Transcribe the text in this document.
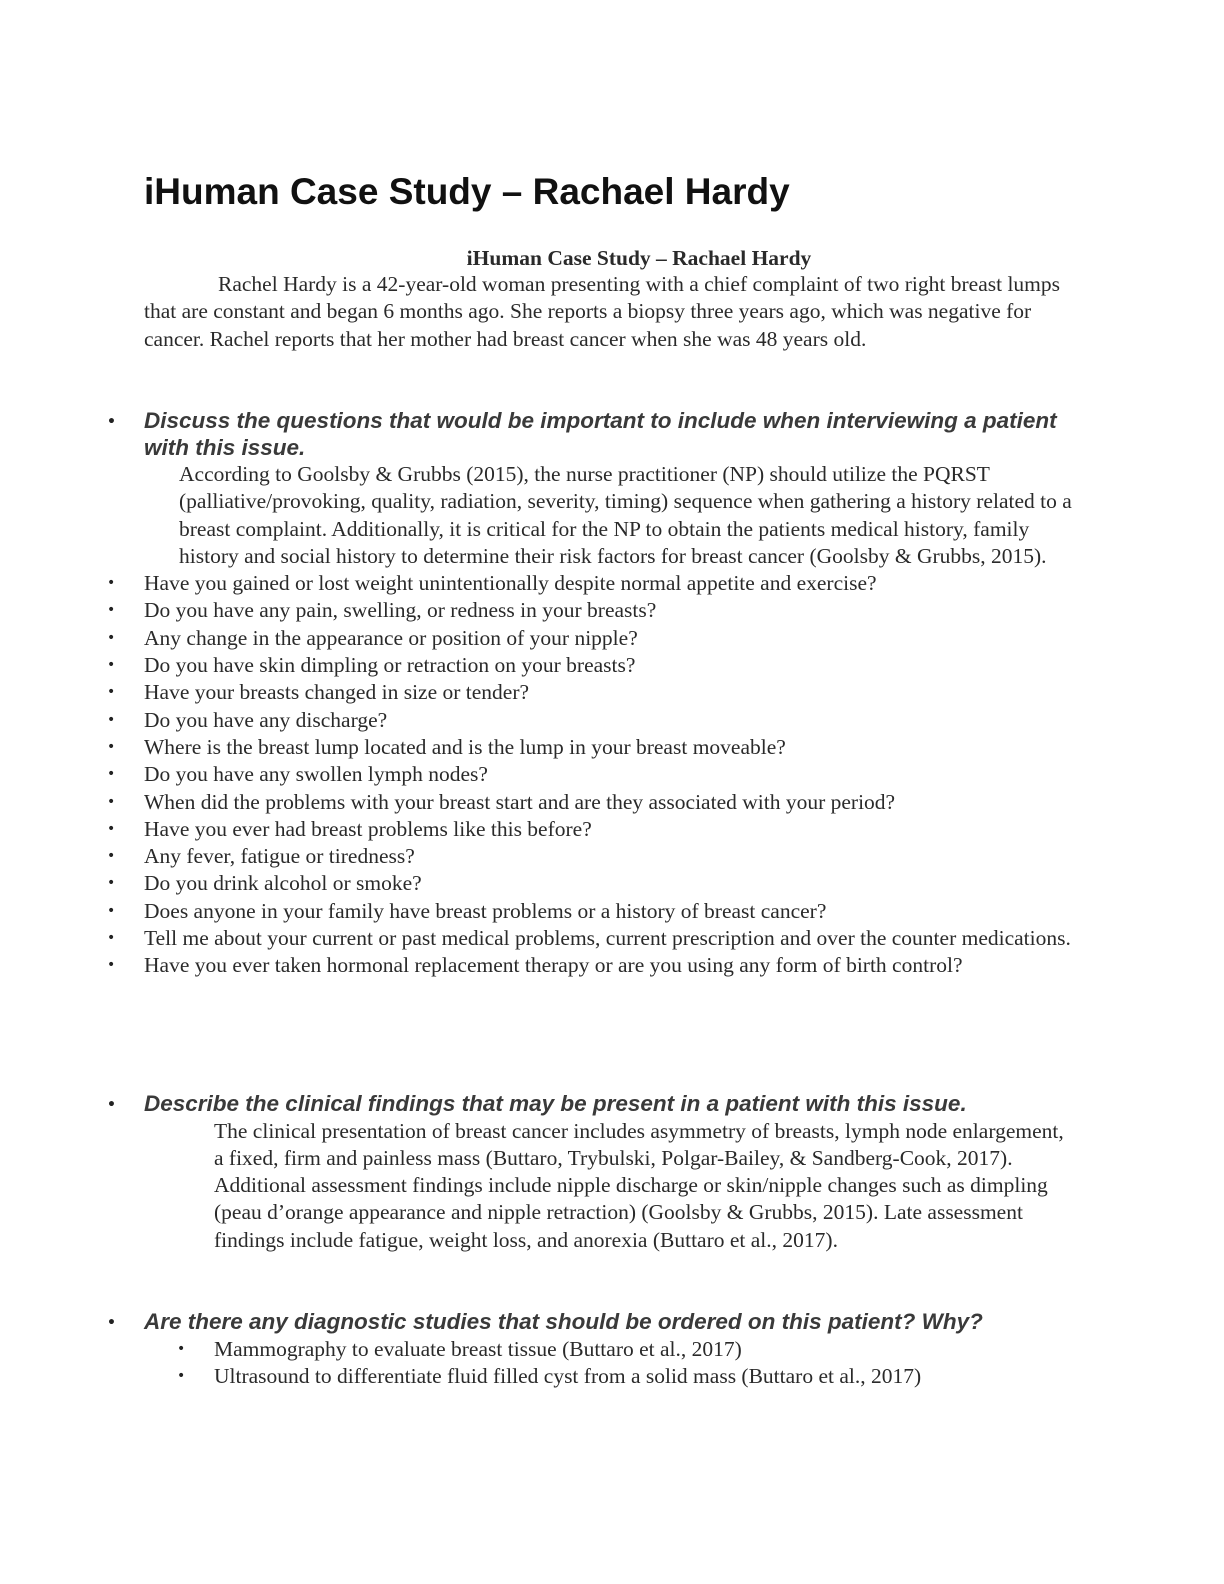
iHuman Case Study – Rachael Hardy

iHuman Case Study – Rachael Hardy

Rachel Hardy is a 42-year-old woman presenting with a chief complaint of two right breast lumps that are constant and began 6 months ago. She reports a biopsy three years ago, which was negative for cancer. Rachel reports that her mother had breast cancer when she was 48 years old.

• Discuss the questions that would be important to include when interviewing a patient with this issue.

According to Goolsby & Grubbs (2015), the nurse practitioner (NP) should utilize the PQRST (palliative/provoking, quality, radiation, severity, timing) sequence when gathering a history related to a breast complaint. Additionally, it is critical for the NP to obtain the patients medical history, family history and social history to determine their risk factors for breast cancer (Goolsby & Grubbs, 2015).

• Have you gained or lost weight unintentionally despite normal appetite and exercise?
• Do you have any pain, swelling, or redness in your breasts?
• Any change in the appearance or position of your nipple?
• Do you have skin dimpling or retraction on your breasts?
• Have your breasts changed in size or tender?
• Do you have any discharge?
• Where is the breast lump located and is the lump in your breast moveable?
• Do you have any swollen lymph nodes?
• When did the problems with your breast start and are they associated with your period?
• Have you ever had breast problems like this before?
• Any fever, fatigue or tiredness?
• Do you drink alcohol or smoke?
• Does anyone in your family have breast problems or a history of breast cancer?
• Tell me about your current or past medical problems, current prescription and over the counter medications.
• Have you ever taken hormonal replacement therapy or are you using any form of birth control?
• Describe the clinical findings that may be present in a patient with this issue.

The clinical presentation of breast cancer includes asymmetry of breasts, lymph node enlargement, a fixed, firm and painless mass (Buttaro, Trybulski, Polgar-Bailey, & Sandberg-Cook, 2017). Additional assessment findings include nipple discharge or skin/nipple changes such as dimpling (peau d’orange appearance and nipple retraction) (Goolsby & Grubbs, 2015). Late assessment findings include fatigue, weight loss, and anorexia (Buttaro et al., 2017).

• Are there any diagnostic studies that should be ordered on this patient? Why?
• Mammography to evaluate breast tissue (Buttaro et al., 2017)
• Ultrasound to differentiate fluid filled cyst from a solid mass (Buttaro et al., 2017)
